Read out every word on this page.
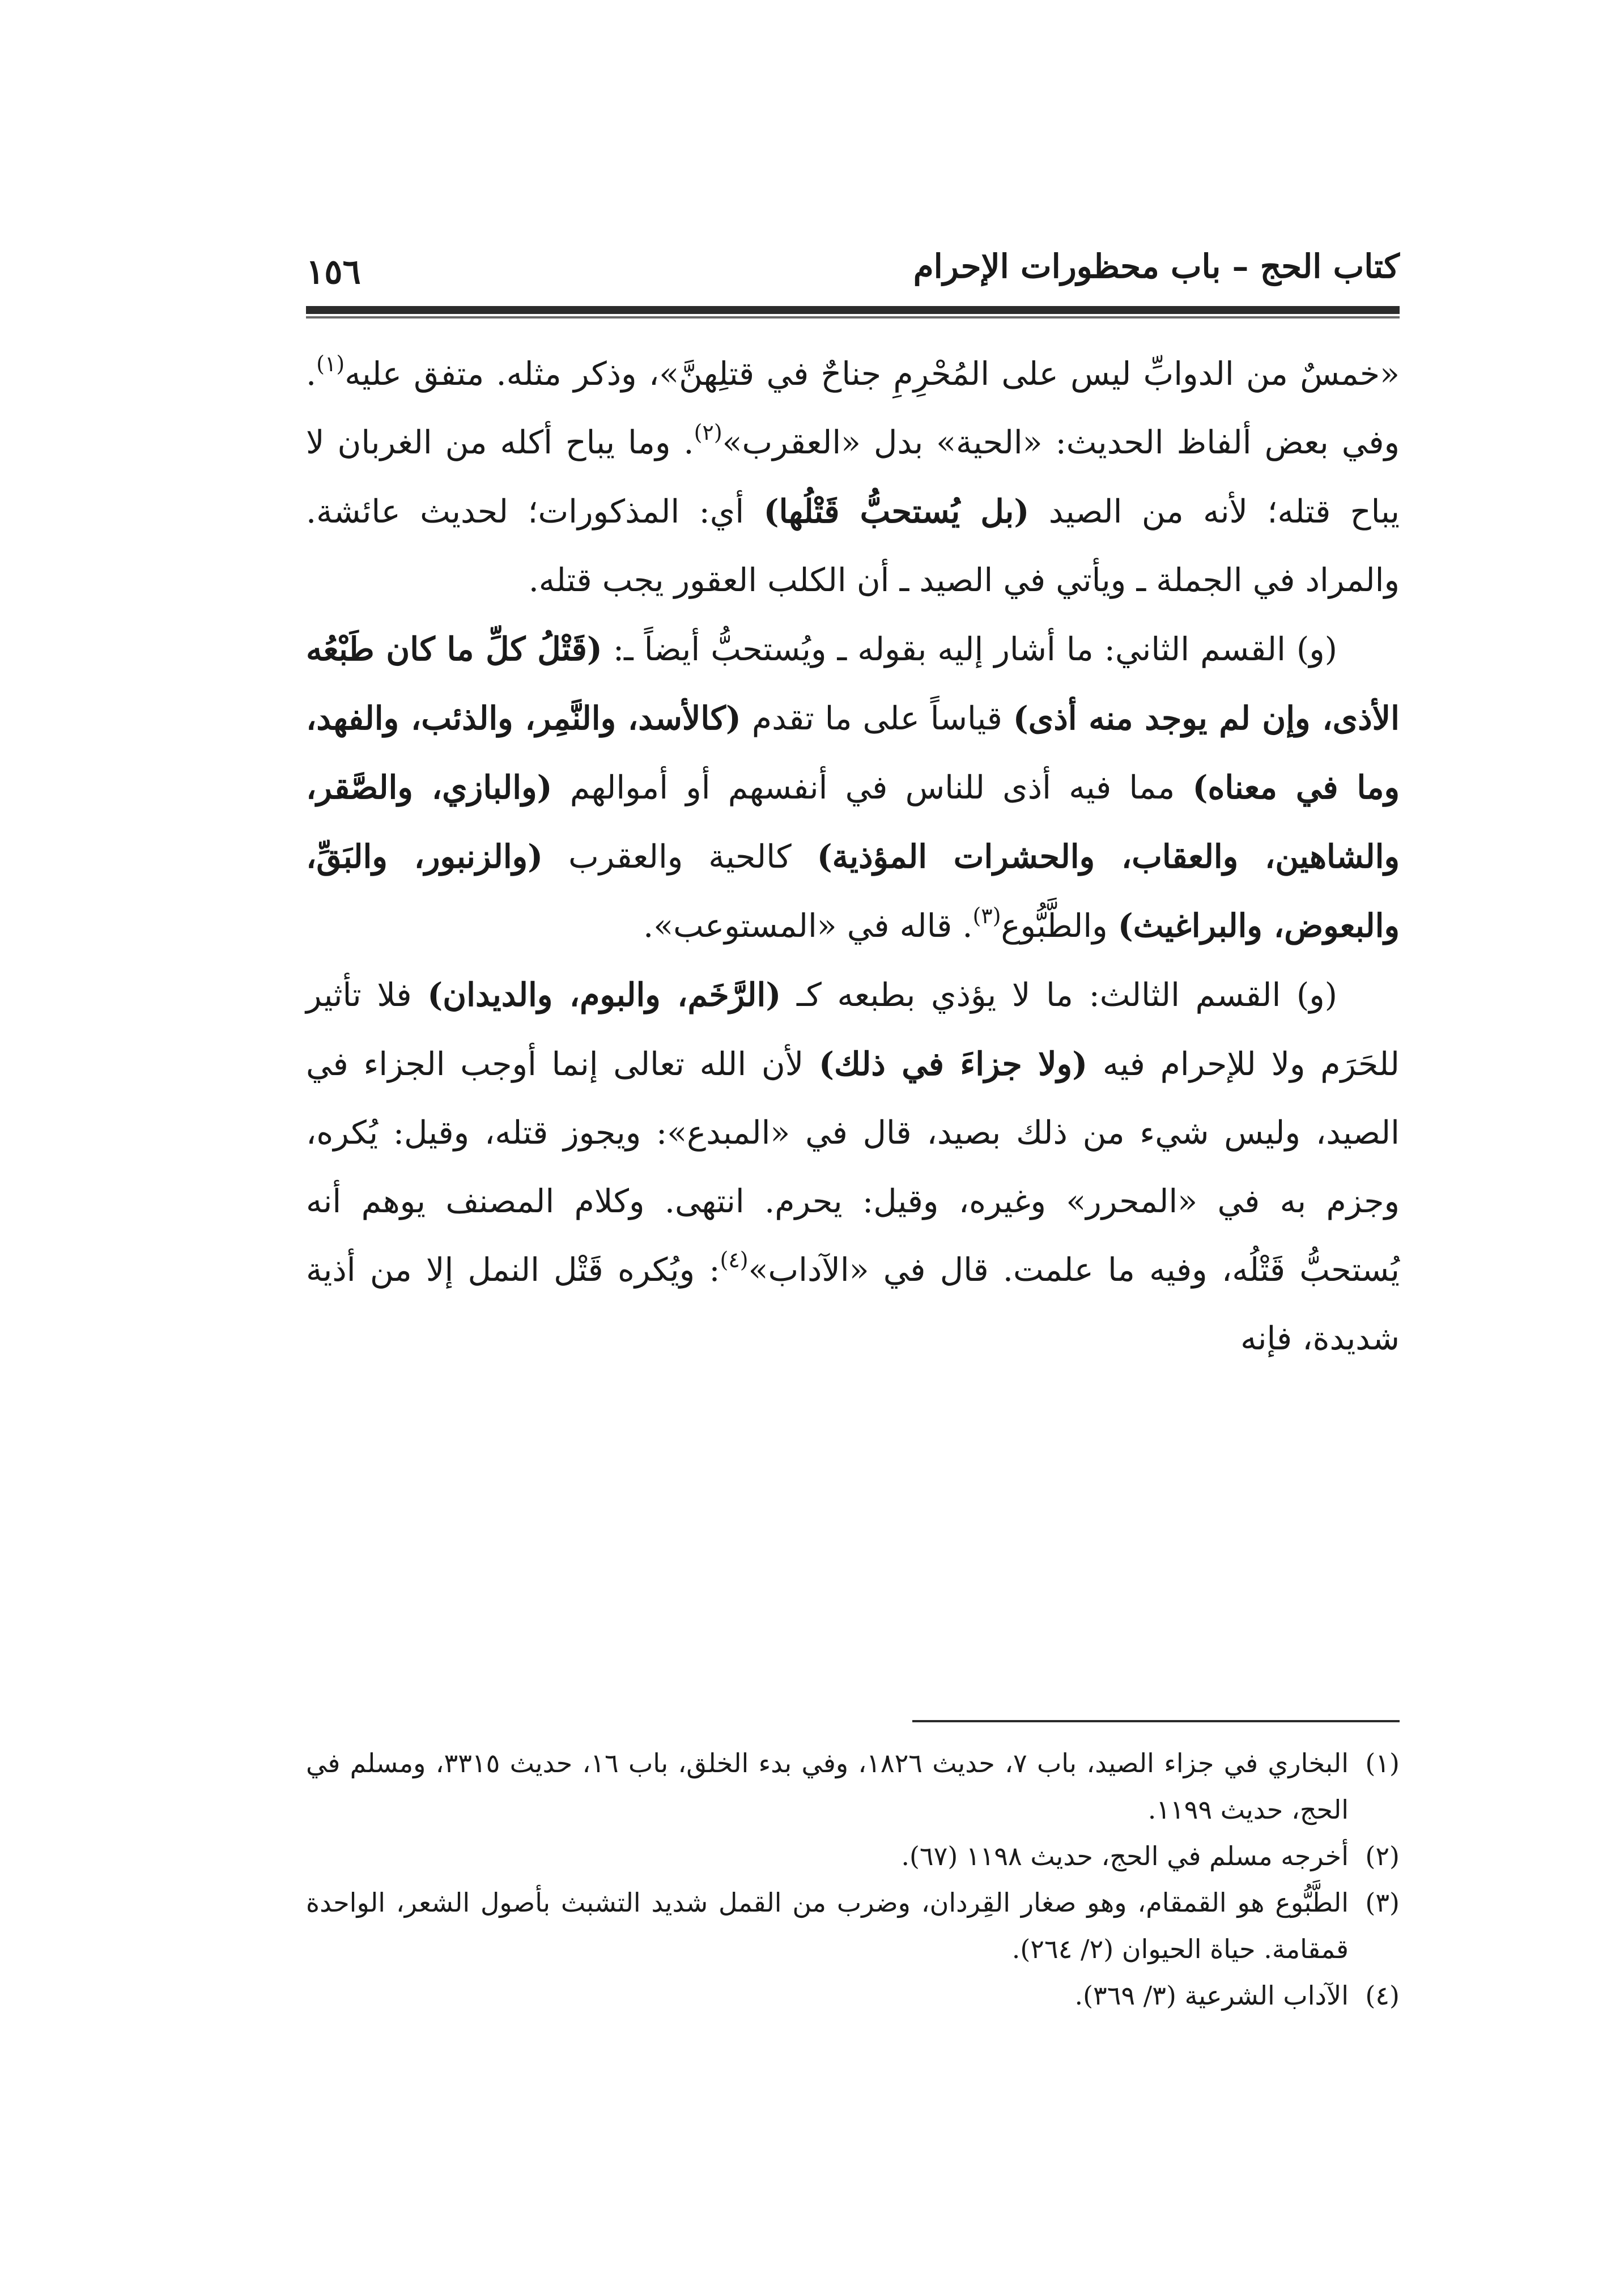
كتاب الحج – باب محظورات الإحرام
١٥٦

«خمسٌ من الدوابِّ ليس على المُحْرِمِ جناحٌ في قتلِهنَّ»، وذكر مثله. متفق عليه$^{(١)}$. وفي بعض ألفاظ الحديث: «الحية» بدل «العقرب»$^{(٢)}$. وما يباح أكله من الغربان لا يباح قتله؛ لأنه من الصيد (بل يُستحبُّ قَتْلُها) أي: المذكورات؛ لحديث عائشة. والمراد في الجملة ـ ويأتي في الصيد ـ أن الكلب العقور يجب قتله.

(و) القسم الثاني: ما أشار إليه بقوله ـ ويُستحبُّ أيضاً ـ: (قَتْلُ كلِّ ما كان طَبْعُه الأذى، وإن لم يوجد منه أذى) قياساً على ما تقدم (كالأسد، والنَّمِر، والذئب، والفهد، وما في معناه) مما فيه أذى للناس في أنفسهم أو أموالهم (والبازي، والصَّقر، والشاهين، والعقاب، والحشرات المؤذية) كالحية والعقرب (والزنبور، والبَقِّ، والبعوض، والبراغيث) والطَّبُّوع$^{(٣)}$. قاله في «المستوعب».

(و) القسم الثالث: ما لا يؤذي بطبعه كـ (الرَّخَم، والبوم، والديدان) فلا تأثير للحَرَم ولا للإحرام فيه (ولا جزاءَ في ذلك) لأن الله تعالى إنما أوجب الجزاء في الصيد، وليس شيء من ذلك بصيد، قال في «المبدع»: ويجوز قتله، وقيل: يُكره، وجزم به في «المحرر» وغيره، وقيل: يحرم. انتهى. وكلام المصنف يوهم أنه يُستحبُّ قَتْلُه، وفيه ما علمت. قال في «الآداب»$^{(٤)}$: ويُكره قَتْل النمل إلا من أذية شديدة، فإنه

(١)
البخاري في جزاء الصيد، باب ٧، حديث ١٨٢٦، وفي بدء الخلق، باب ١٦، حديث ٣٣١٥، ومسلم في الحج، حديث ١١٩٩.
(٢)
أخرجه مسلم في الحج، حديث ١١٩٨ (٦٧).
(٣)
الطَّبُّوع هو القمقام، وهو صغار القِردان، وضرب من القمل شديد التشبث بأصول الشعر، الواحدة قمقامة. حياة الحيوان (٢/ ٢٦٤).
(٤)
الآداب الشرعية (٣/ ٣٦٩).
